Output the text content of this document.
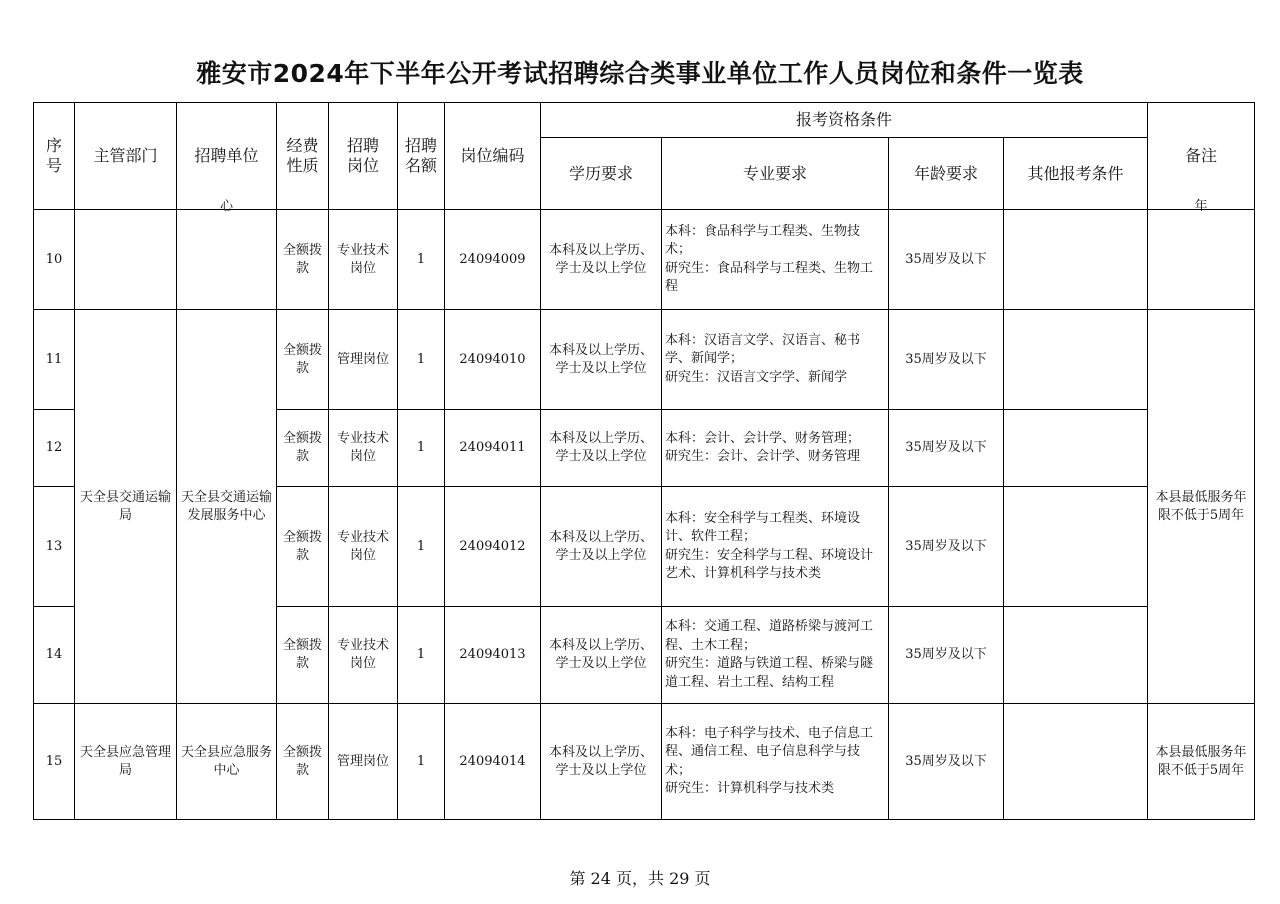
雅安市2024年下半年公开考试招聘综合类事业单位工作人员岗位和条件一览表
序号	主管部门	招聘单位	经费性质	招聘岗位	招聘名额	岗位编码	报考资格条件				备注
							学历要求	专业要求	年龄要求	其他报考条件	
10		心	全额拨款	专业技术岗位	1	24094009	本科及以上学历、学士及以上学位	本科：食品科学与工程类、生物技术；
研究生：食品科学与工程类、生物工程	35周岁及以下		年
11	天全县交通运输局	天全县交通运输发展服务中心	全额拨款	管理岗位	1	24094010	本科及以上学历、学士及以上学位	本科：汉语言文学、汉语言、秘书学、新闻学；
研究生：汉语言文字学、新闻学	35周岁及以下		本县最低服务年限不低于5周年
12			全额拨款	专业技术岗位	1	24094011	本科及以上学历、学士及以上学位	本科：会计、会计学、财务管理；
研究生：会计、会计学、财务管理	35周岁及以下		
13			全额拨款	专业技术岗位	1	24094012	本科及以上学历、学士及以上学位	本科：安全科学与工程类、环境设计、软件工程；
研究生：安全科学与工程、环境设计艺术、计算机科学与技术类	35周岁及以下		
14			全额拨款	专业技术岗位	1	24094013	本科及以上学历、学士及以上学位	本科：交通工程、道路桥梁与渡河工程、土木工程；
研究生：道路与铁道工程、桥梁与隧道工程、岩土工程、结构工程	35周岁及以下		
15	天全县应急管理局	天全县应急服务中心	全额拨款	管理岗位	1	24094014	本科及以上学历、学士及以上学位	本科：电子科学与技术、电子信息工程、通信工程、电子信息科学与技术；
研究生：计算机科学与技术类	35周岁及以下		本县最低服务年限不低于5周年
第 24 页，共 29 页
